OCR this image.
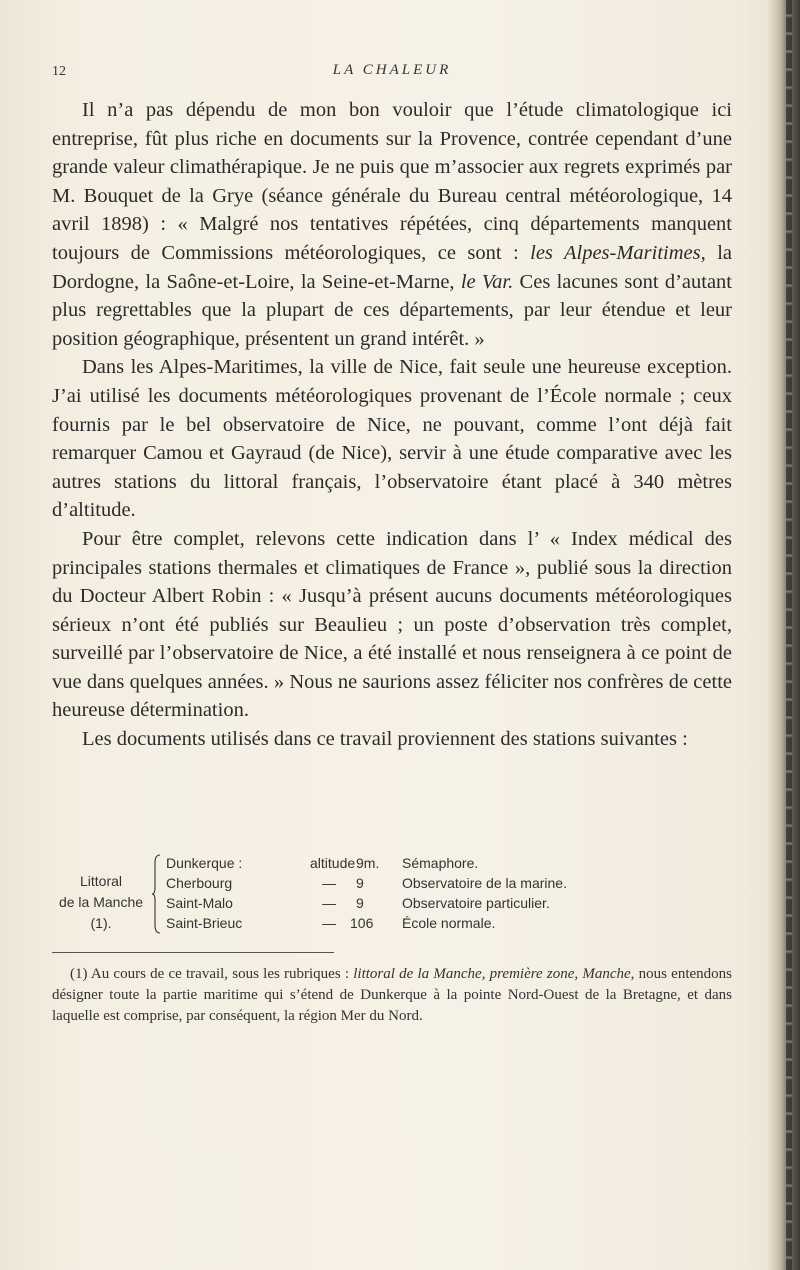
12	LA CHALEUR

Il n’a pas dépendu de mon bon vouloir que l’étude climatologique ici entreprise, fût plus riche en documents sur la Provence, contrée cependant d’une grande valeur climathérapique. Je ne puis que m’associer aux regrets exprimés par M. Bouquet de la Grye (séance générale du Bureau central météorologique, 14 avril 1898) : « Malgré nos tentatives répétées, cinq départements manquent toujours de Commissions météorologiques, ce sont : les Alpes-Maritimes, la Dordogne, la Saône-et-Loire, la Seine-et-Marne, le Var. Ces lacunes sont d’autant plus regrettables que la plupart de ces départements, par leur étendue et leur position géographique, présentent un grand intérêt. »

Dans les Alpes-Maritimes, la ville de Nice, fait seule une heureuse exception. J’ai utilisé les documents météorologiques provenant de l’École normale ; ceux fournis par le bel observatoire de Nice, ne pouvant, comme l’ont déjà fait remarquer Camou et Gayraud (de Nice), servir à une étude comparative avec les autres stations du littoral français, l’observatoire étant placé à 340 mètres d’altitude.

Pour être complet, relevons cette indication dans l’ « Index médical des principales stations thermales et climatiques de France », publié sous la direction du Docteur Albert Robin : « Jusqu’à présent aucuns documents météorologiques sérieux n’ont été publiés sur Beaulieu ; un poste d’observation très complet, surveillé par l’observatoire de Nice, a été installé et nous renseignera à ce point de vue dans quelques années. » Nous ne saurions assez féliciter nos confrères de cette heureuse détermination.

Les documents utilisés dans ce travail proviennent des stations suivantes :

Littoral
de la Manche (1).
Dunkerque :	altitude 9m. Sémaphore.
Cherbourg	— 9	Observatoire de la marine.
Saint-Malo	— 9	Observatoire particulier.
Saint-Brieuc	— 106 École normale.

(1) Au cours de ce travail, sous les rubriques : littoral de la Manche, première zone, Manche, nous entendons désigner toute la partie maritime qui s’étend de Dunkerque à la pointe Nord-Ouest de la Bretagne, et dans laquelle est comprise, par conséquent, la région Mer du Nord.
